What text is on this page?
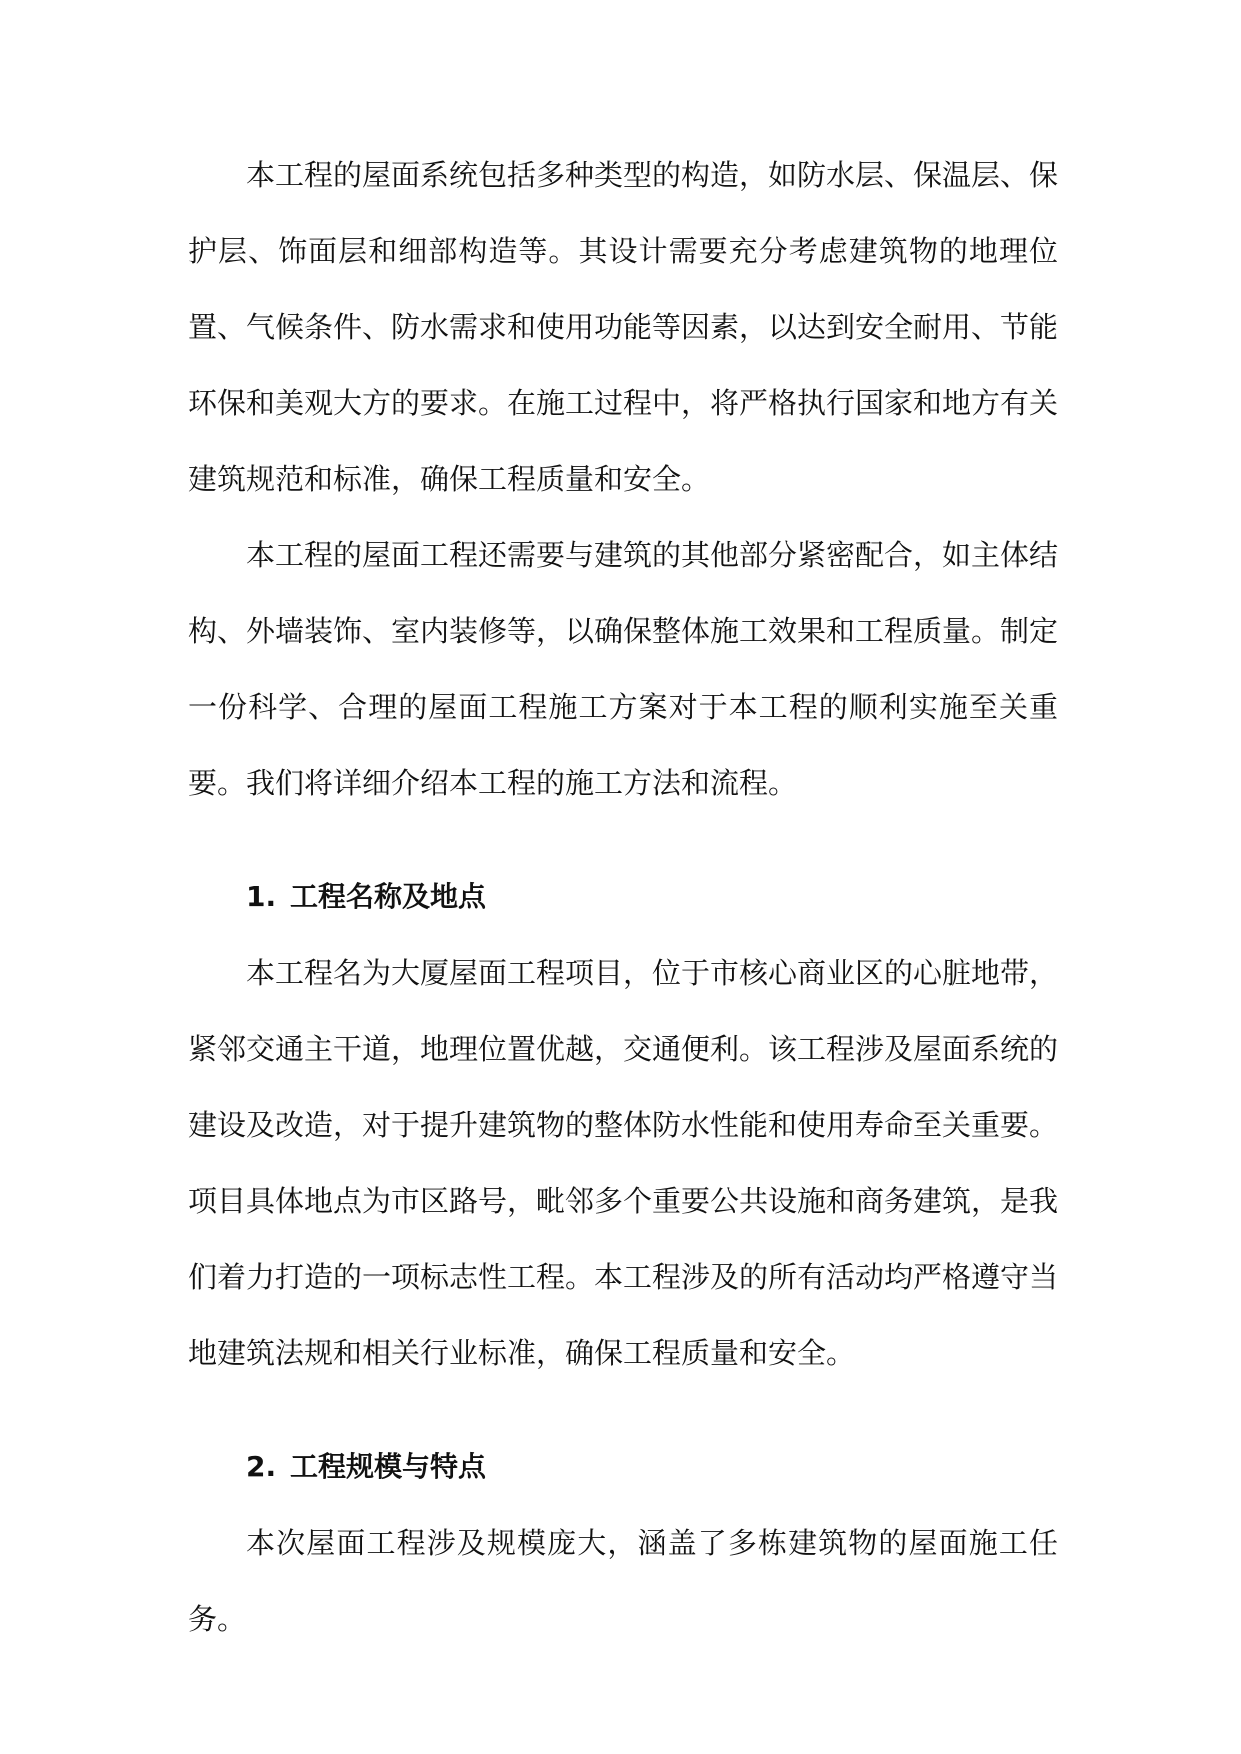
本工程的屋面系统包括多种类型的构造，如防水层、保温层、保护层、饰面层和细部构造等。其设计需要充分考虑建筑物的地理位置、气候条件、防水需求和使用功能等因素，以达到安全耐用、节能环保和美观大方的要求。在施工过程中，将严格执行国家和地方有关建筑规范和标准，确保工程质量和安全。

本工程的屋面工程还需要与建筑的其他部分紧密配合，如主体结构、外墙装饰、室内装修等，以确保整体施工效果和工程质量。制定一份科学、合理的屋面工程施工方案对于本工程的顺利实施至关重要。我们将详细介绍本工程的施工方法和流程。

1. 工程名称及地点

本工程名为大厦屋面工程项目，位于市核心商业区的心脏地带，紧邻交通主干道，地理位置优越，交通便利。该工程涉及屋面系统的建设及改造，对于提升建筑物的整体防水性能和使用寿命至关重要。项目具体地点为市区路号，毗邻多个重要公共设施和商务建筑，是我们着力打造的一项标志性工程。本工程涉及的所有活动均严格遵守当地建筑法规和相关行业标准，确保工程质量和安全。

2. 工程规模与特点

本次屋面工程涉及规模庞大，涵盖了多栋建筑物的屋面施工任务。
